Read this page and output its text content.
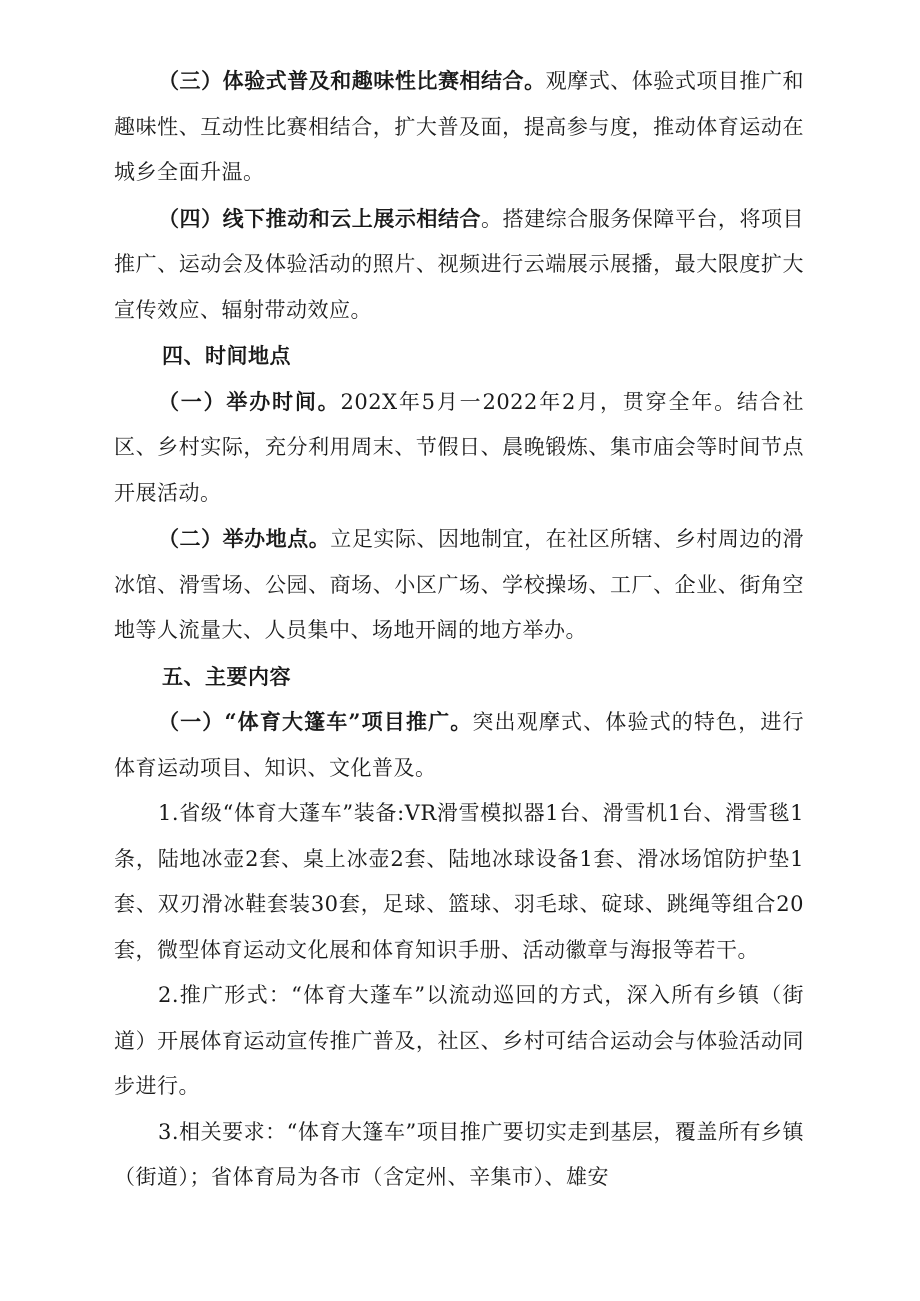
（三）体验式普及和趣味性比赛相结合。观摩式、体验式项目推广和趣味性、互动性比赛相结合，扩大普及面，提高参与度，推动体育运动在城乡全面升温。

（四）线下推动和云上展示相结合。搭建综合服务保障平台，将项目推广、运动会及体验活动的照片、视频进行云端展示展播，最大限度扩大宣传效应、辐射带动效应。

四、时间地点

（一）举办时间。202X年5月一2022年2月，贯穿全年。结合社区、乡村实际，充分利用周末、节假日、晨晚锻炼、集市庙会等时间节点开展活动。

（二）举办地点。立足实际、因地制宜，在社区所辖、乡村周边的滑冰馆、滑雪场、公园、商场、小区广场、学校操场、工厂、企业、街角空地等人流量大、人员集中、场地开阔的地方举办。

五、主要内容

（一）“体育大篷车”项目推广。突出观摩式、体验式的特色，进行体育运动项目、知识、文化普及。

1.省级“体育大蓬车”装备:VR滑雪模拟器1台、滑雪机1台、滑雪毯1条，陆地冰壶2套、桌上冰壶2套、陆地冰球设备1套、滑冰场馆防护垫1套、双刃滑冰鞋套装30套，足球、篮球、羽毛球、碇球、跳绳等组合20套，微型体育运动文化展和体育知识手册、活动徽章与海报等若干。

2.推广形式：“体育大蓬车”以流动巡回的方式，深入所有乡镇（街道）开展体育运动宣传推广普及，社区、乡村可结合运动会与体验活动同步进行。

3.相关要求：“体育大篷车”项目推广要切实走到基层，覆盖所有乡镇（街道）；省体育局为各市（含定州、辛集市）、雄安
